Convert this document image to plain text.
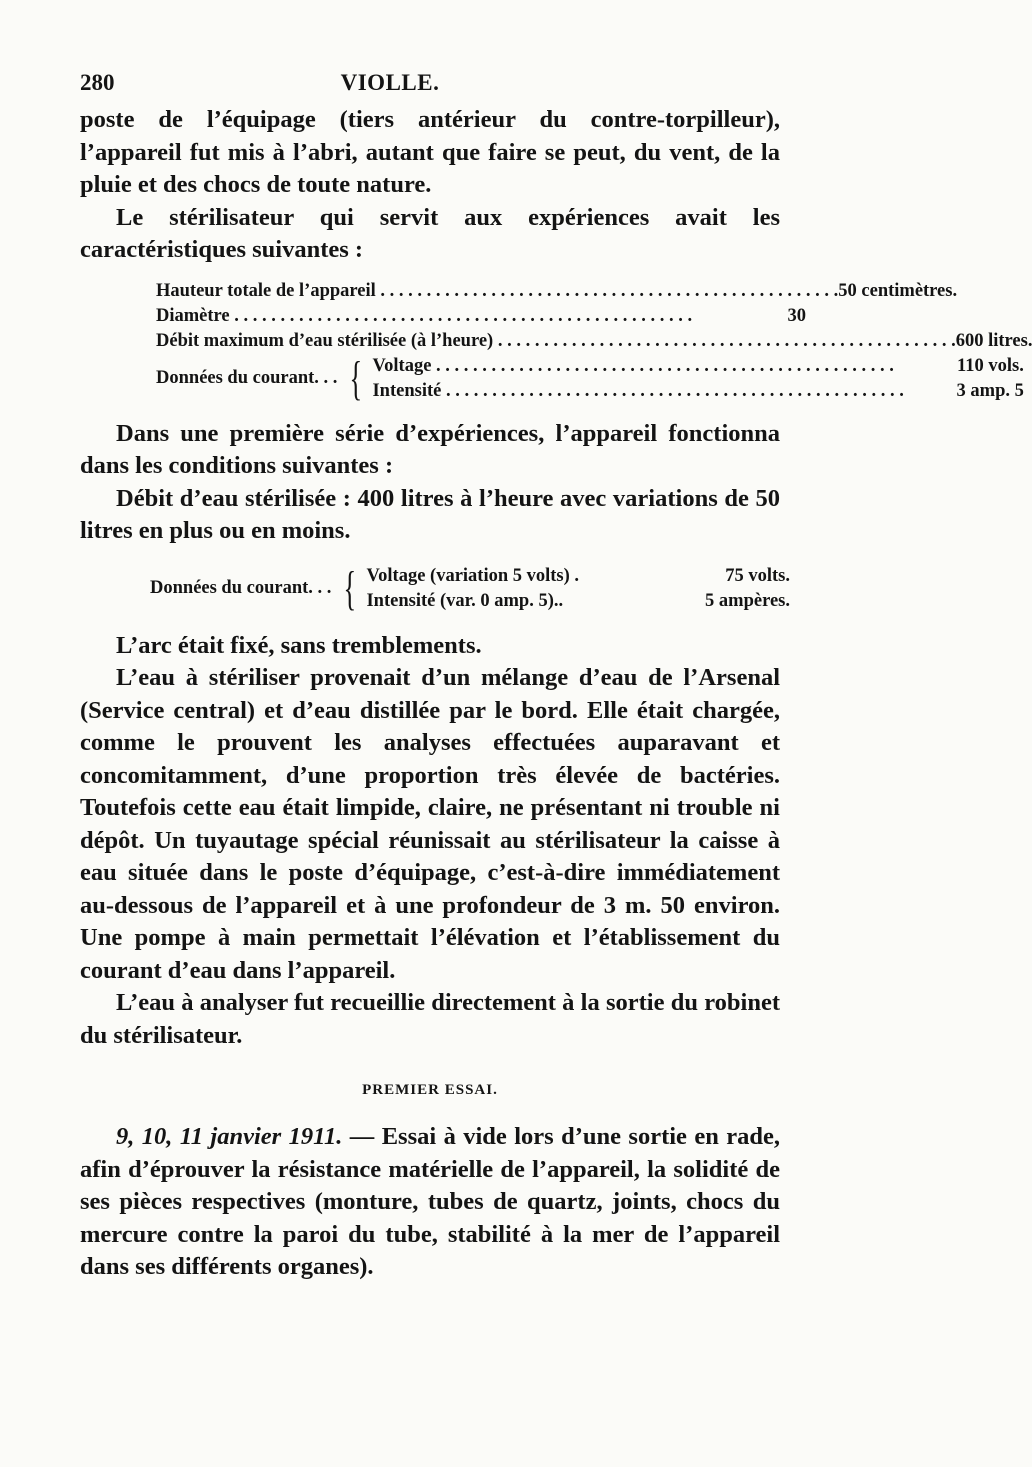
280	VIOLLE.

poste de l’équipage (tiers antérieur du contre-torpilleur), l’appareil fut mis à l’abri, autant que faire se peut, du vent, de la pluie et des chocs de toute nature.

Le stérilisateur qui servit aux expériences avait les caractéristiques suivantes :

Hauteur totale de l’appareil . . .	50 centimètres.
Diamètre . . .	30
Débit maximum d’eau stérilisée (à l’heure) . . .	600 litres.
Données du courant. . . { Voltage . . .	110 vols.
Intensité . . .	3 amp. 5

Dans une première série d’expériences, l’appareil fonctionna dans les conditions suivantes :

Débit d’eau stérilisée : 400 litres à l’heure avec variations de 50 litres en plus ou en moins.

Données du courant. . . { Voltage (variation 5 volts) .	75 volts.
Intensité (var. 0 amp. 5)..	5 ampères.

L’arc était fixé, sans tremblements.

L’eau à stériliser provenait d’un mélange d’eau de l’Arsenal (Service central) et d’eau distillée par le bord. Elle était chargée, comme le prouvent les analyses effectuées auparavant et concomitamment, d’une proportion très élevée de bactéries. Toutefois cette eau était limpide, claire, ne présentant ni trouble ni dépôt. Un tuyautage spécial réunissait au stérilisateur la caisse à eau située dans le poste d’équipage, c’est-à-dire immédiatement au-dessous de l’appareil et à une profondeur de 3 m. 50 environ. Une pompe à main permettait l’élévation et l’établissement du courant d’eau dans l’appareil.

L’eau à analyser fut recueillie directement à la sortie du robinet du stérilisateur.

PREMIER ESSAI.

9, 10, 11 janvier 1911. — Essai à vide lors d’une sortie en rade, afin d’éprouver la résistance matérielle de l’appareil, la solidité de ses pièces respectives (monture, tubes de quartz, joints, chocs du mercure contre la paroi du tube, stabilité à la mer de l’appareil dans ses différents organes).
